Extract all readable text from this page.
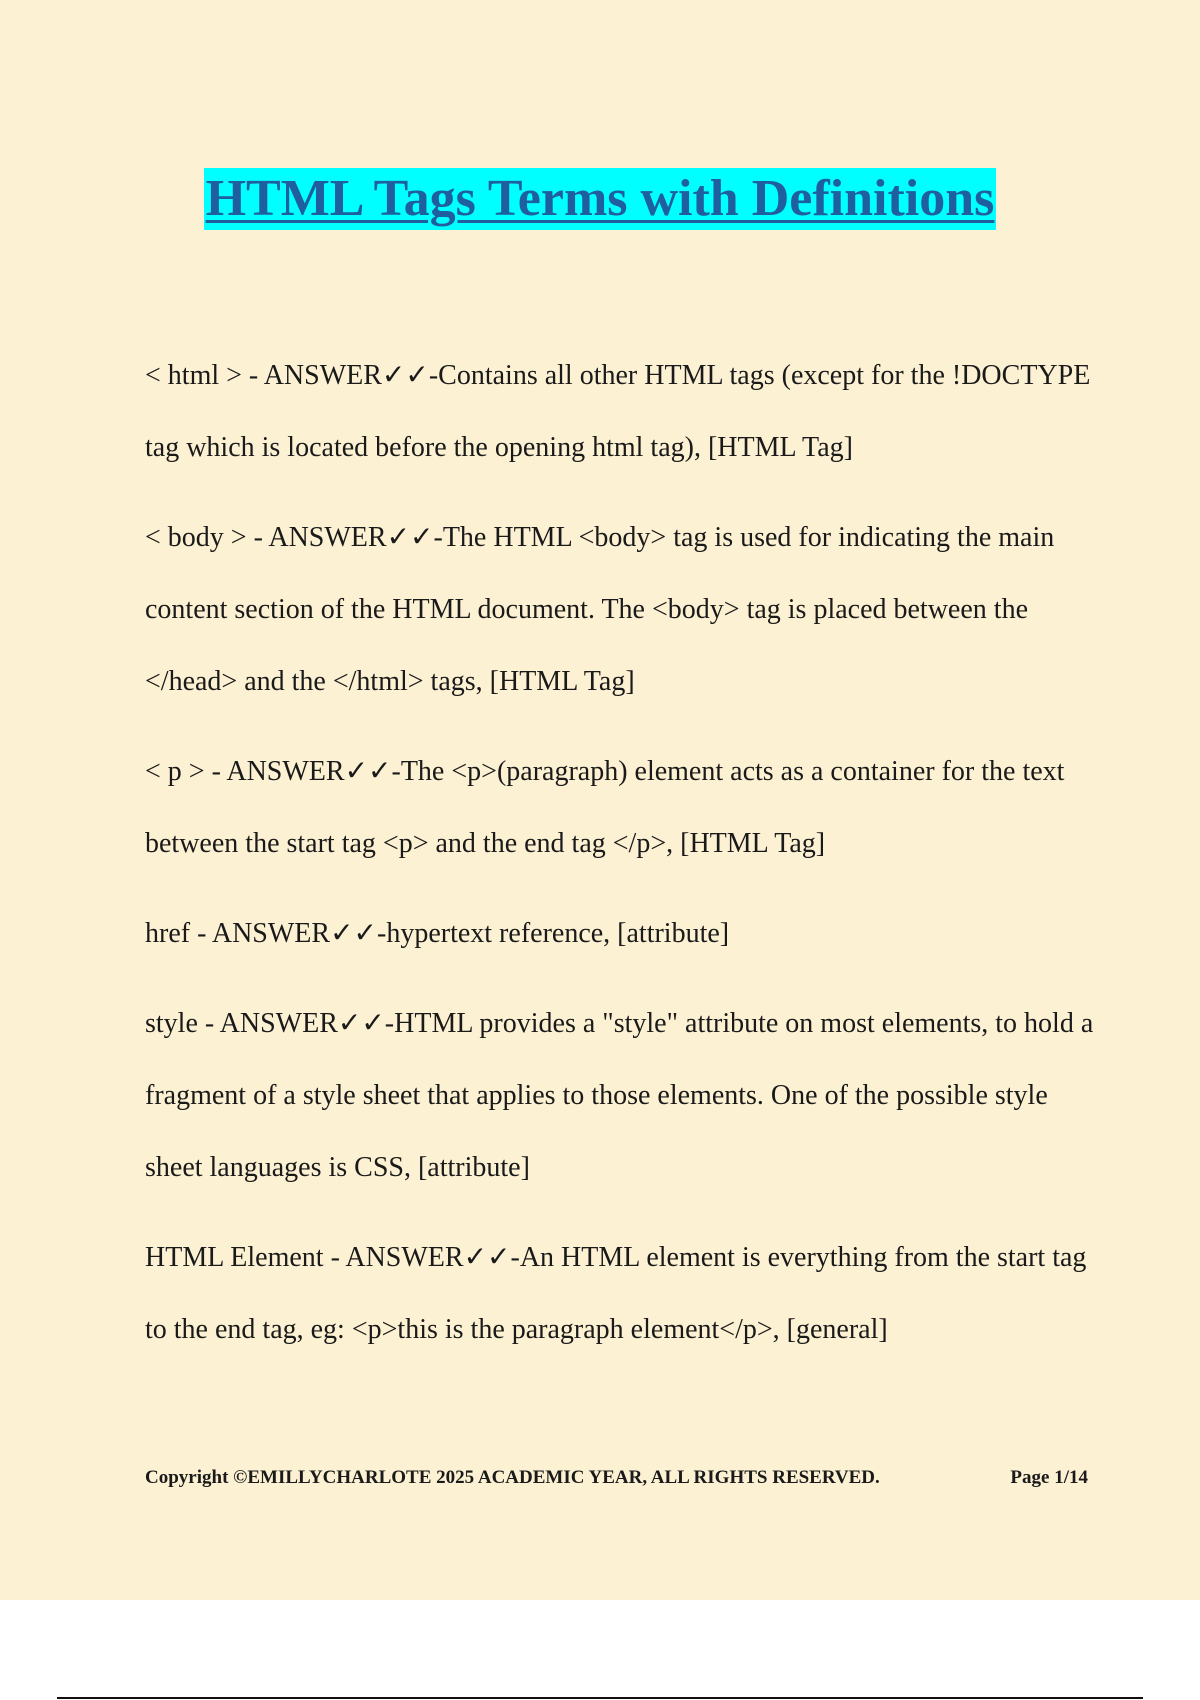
HTML Tags Terms with Definitions

< html > - ANSWER✓✓-Contains all other HTML tags (except for the !DOCTYPE tag which is located before the opening html tag), [HTML Tag]

< body > - ANSWER✓✓-The HTML <body> tag is used for indicating the main content section of the HTML document. The <body> tag is placed between the </head> and the </html> tags, [HTML Tag]

< p > - ANSWER✓✓-The <p>(paragraph) element acts as a container for the text between the start tag <p> and the end tag </p>, [HTML Tag]

href - ANSWER✓✓-hypertext reference, [attribute]

style - ANSWER✓✓-HTML provides a "style" attribute on most elements, to hold a fragment of a style sheet that applies to those elements. One of the possible style sheet languages is CSS, [attribute]

HTML Element - ANSWER✓✓-An HTML element is everything from the start tag to the end tag, eg: <p>this is the paragraph element</p>, [general]

Copyright ©EMILLYCHARLOTE 2025 ACADEMIC YEAR, ALL RIGHTS RESERVED.	Page 1/14
